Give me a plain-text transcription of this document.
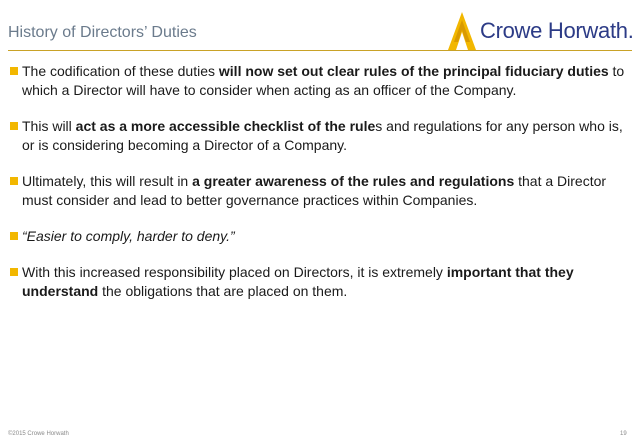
History of Directors’ Duties	Crowe Horwath.
The codification of these duties will now set out clear rules of the principal fiduciary duties to which a Director will have to consider when acting as an officer of the Company.
This will act as a more accessible checklist of the rules and regulations for any person who is, or is considering becoming a Director of a Company.
Ultimately, this will result in a greater awareness of the rules and regulations that a Director must consider and lead to better governance practices within Companies.
“Easier to comply, harder to deny.”
With this increased responsibility placed on Directors, it is extremely important that they understand the obligations that are placed on them.
©2015 Crowe Horwath	19
